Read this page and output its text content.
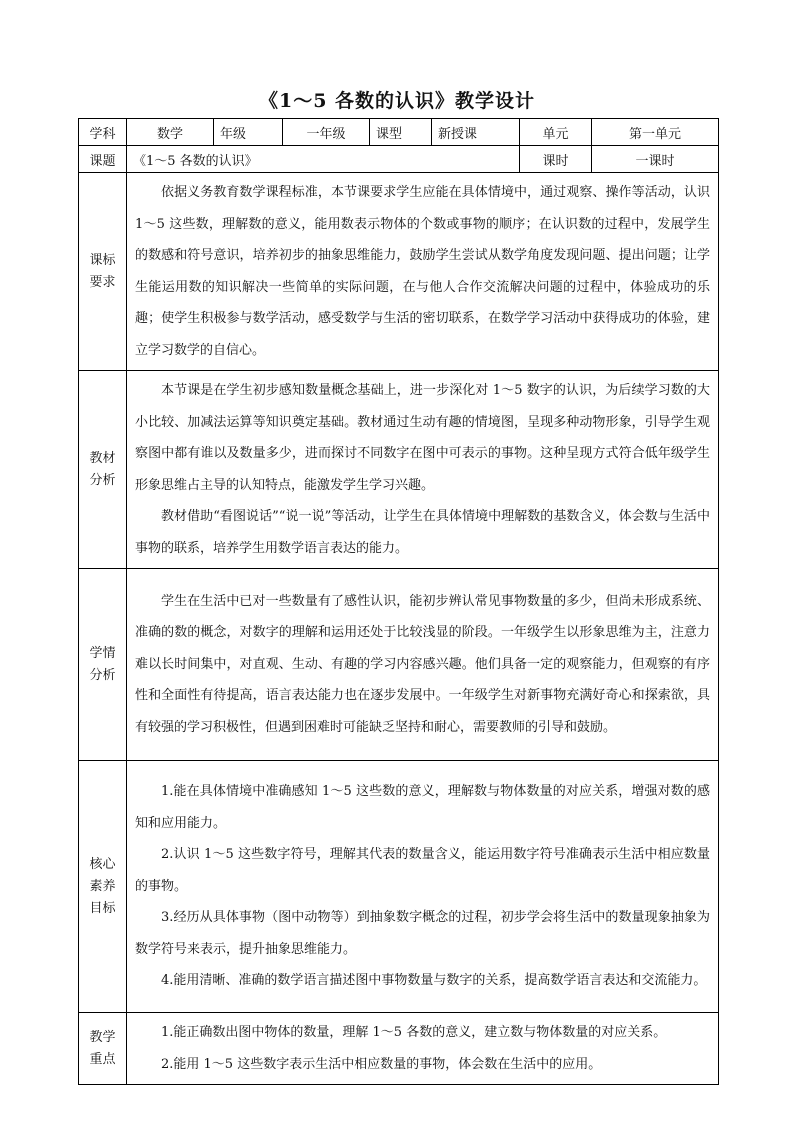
《1～5 各数的认识》教学设计
学科	数学	年级	一年级	课型	新授课	单元	第一单元
课题	《1～5 各数的认识》					课时	一课时
课标要求	依据义务教育数学课程标准，本节课要求学生应能在具体情境中，通过观察、操作等活动，认识 1～5 这些数，理解数的意义，能用数表示物体的个数或事物的顺序；在认识数的过程中，发展学生的数感和符号意识，培养初步的抽象思维能力，鼓励学生尝试从数学角度发现问题、提出问题；让学生能运用数的知识解决一些简单的实际问题，在与他人合作交流解决问题的过程中，体验成功的乐趣；使学生积极参与数学活动，感受数学与生活的密切联系，在数学学习活动中获得成功的体验，建立学习数学的自信心。						

教材分析	本节课是在学生初步感知数量概念基础上，进一步深化对 1～5 数字的认识，为后续学习数的大小比较、加减法运算等知识奠定基础。教材通过生动有趣的情境图，呈现多种动物形象，引导学生观察图中都有谁以及数量多少，进而探讨不同数字在图中可表示的事物。这种呈现方式符合低年级学生形象思维占主导的认知特点，能激发学生学习兴趣。

教材借助“看图说话”“说一说”等活动，让学生在具体情境中理解数的基数含义，体会数与生活中事物的联系，培养学生用数学语言表达的能力。						

学情分析	学生在生活中已对一些数量有了感性认识，能初步辨认常见事物数量的多少，但尚未形成系统、准确的数的概念，对数字的理解和运用还处于比较浅显的阶段。一年级学生以形象思维为主，注意力难以长时间集中，对直观、生动、有趣的学习内容感兴趣。他们具备一定的观察能力，但观察的有序性和全面性有待提高，语言表达能力也在逐步发展中。一年级学生对新事物充满好奇心和探索欲，具有较强的学习积极性，但遇到困难时可能缺乏坚持和耐心，需要教师的引导和鼓励。						

核心素养目标	1.能在具体情境中准确感知 1～5 这些数的意义，理解数与物体数量的对应关系，增强对数的感知和应用能力。

2.认识 1～5 这些数字符号，理解其代表的数量含义，能运用数字符号准确表示生活中相应数量的事物。

3.经历从具体事物（图中动物等）到抽象数字概念的过程，初步学会将生活中的数量现象抽象为数学符号来表示，提升抽象思维能力。

4.能用清晰、准确的数学语言描述图中事物数量与数字的关系，提高数学语言表达和交流能力。						

教学重点	1.能正确数出图中物体的数量，理解 1～5 各数的意义，建立数与物体数量的对应关系。

2.能用 1～5 这些数字表示生活中相应数量的事物，体会数在生活中的应用。						
